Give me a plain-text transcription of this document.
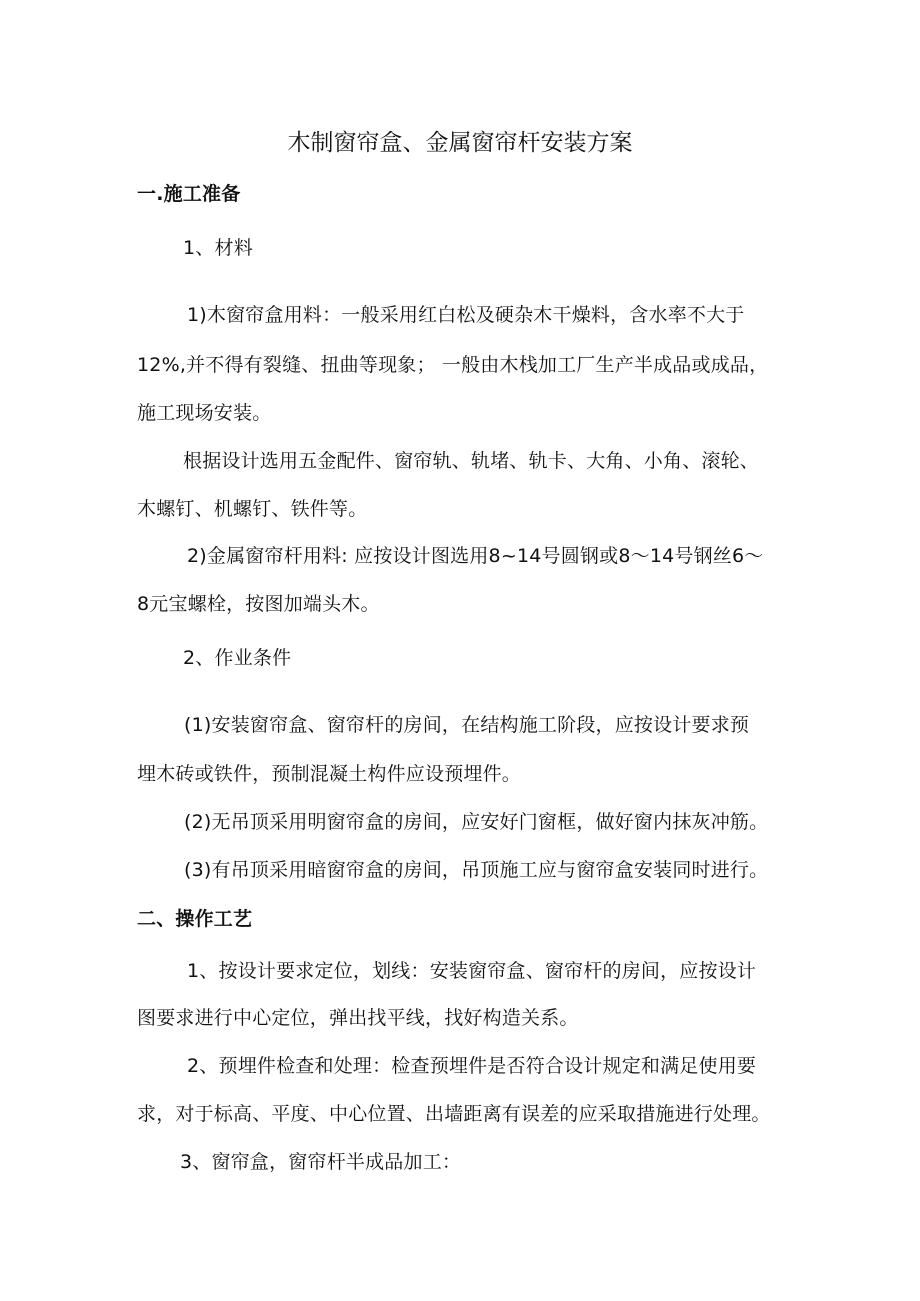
木制窗帘盒、金属窗帘杆安装方案
一.施工准备
1、材料
1)木窗帘盒用料：一般采用红白松及硬杂木干燥料，含水率不大于
12%,并不得有裂缝、扭曲等现象； 一般由木栈加工厂生产半成品或成品，
施工现场安装。
根据设计选用五金配件、窗帘轨、轨堵、轨卡、大角、小角、滚轮、
木螺钉、机螺钉、铁件等。
2)金属窗帘杆用料: 应按设计图选用8~14号圆钢或8～14号钢丝6～
8元宝螺栓，按图加端头木。
2、作业条件
(1)安装窗帘盒、窗帘杆的房间，在结构施工阶段，应按设计要求预
埋木砖或铁件，预制混凝土构件应设预埋件。
(2)无吊顶采用明窗帘盒的房间，应安好门窗框，做好窗内抹灰冲筋。
(3)有吊顶采用暗窗帘盒的房间，吊顶施工应与窗帘盒安装同时进行。
二、操作工艺
1、按设计要求定位，划线：安装窗帘盒、窗帘杆的房间，应按设计
图要求进行中心定位，弹出找平线，找好构造关系。
2、预埋件检查和处理：检查预埋件是否符合设计规定和满足使用要
求，对于标高、平度、中心位置、出墙距离有误差的应采取措施进行处理。
3、窗帘盒，窗帘杆半成品加工：
